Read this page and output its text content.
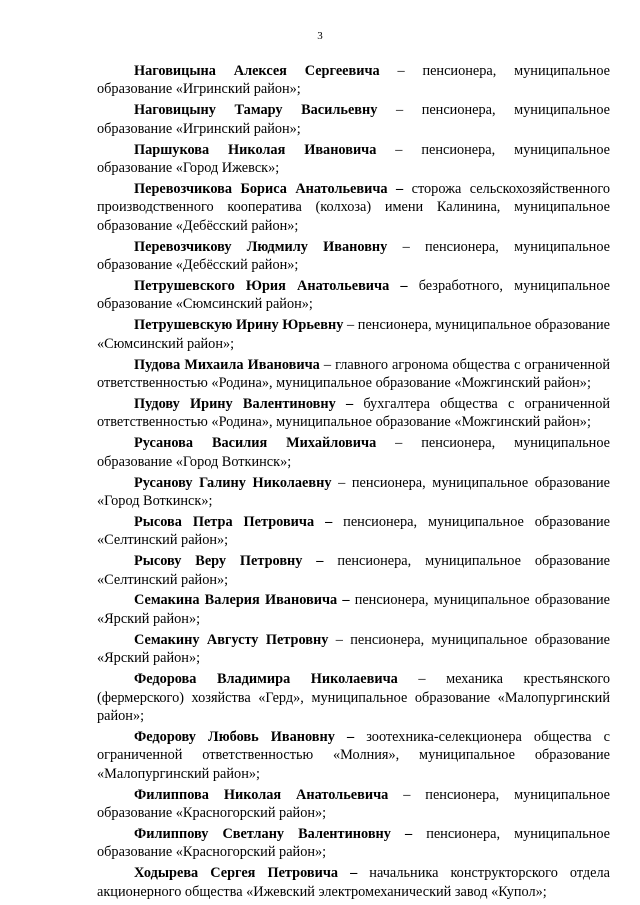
3

Наговицына Алексея Сергеевича – пенсионера, муниципальное образование «Игринский район»;

Наговицыну Тамару Васильевну – пенсионера, муниципальное образование «Игринский район»;

Паршукова Николая Ивановича – пенсионера, муниципальное образование «Город Ижевск»;

Перевозчикова Бориса Анатольевича – сторожа сельскохозяйственного производственного кооператива (колхоза) имени Калинина, муниципальное образование «Дебёсский район»;

Перевозчикову Людмилу Ивановну – пенсионера, муниципальное образование «Дебёсский район»;

Петрушевского Юрия Анатольевича – безработного, муниципальное образование «Сюмсинский район»;

Петрушевскую Ирину Юрьевну – пенсионера, муниципальное образование «Сюмсинский район»;

Пудова Михаила Ивановича – главного агронома общества с ограниченной ответственностью «Родина», муниципальное образование «Можгинский район»;

Пудову Ирину Валентиновну – бухгалтера общества с ограниченной ответственностью «Родина», муниципальное образование «Можгинский район»;

Русанова Василия Михайловича – пенсионера, муниципальное образование «Город Воткинск»;

Русанову Галину Николаевну – пенсионера, муниципальное образование «Город Воткинск»;

Рысова Петра Петровича – пенсионера, муниципальное образование «Селтинский район»;

Рысову Веру Петровну – пенсионера, муниципальное образование «Селтинский район»;

Семакина Валерия Ивановича – пенсионера, муниципальное образование «Ярский район»;

Семакину Августу Петровну – пенсионера, муниципальное образование «Ярский район»;

Федорова Владимира Николаевича – механика крестьянского (фермерского) хозяйства «Герд», муниципальное образование «Малопургинский район»;

Федорову Любовь Ивановну – зоотехника-селекционера общества с ограниченной ответственностью «Молния», муниципальное образование «Малопургинский район»;

Филиппова Николая Анатольевича – пенсионера, муниципальное образование «Красногорский район»;

Филиппову Светлану Валентиновну – пенсионера, муниципальное образование «Красногорский район»;

Ходырева Сергея Петровича – начальника конструкторского отдела акционерного общества «Ижевский электромеханический завод «Купол»;
